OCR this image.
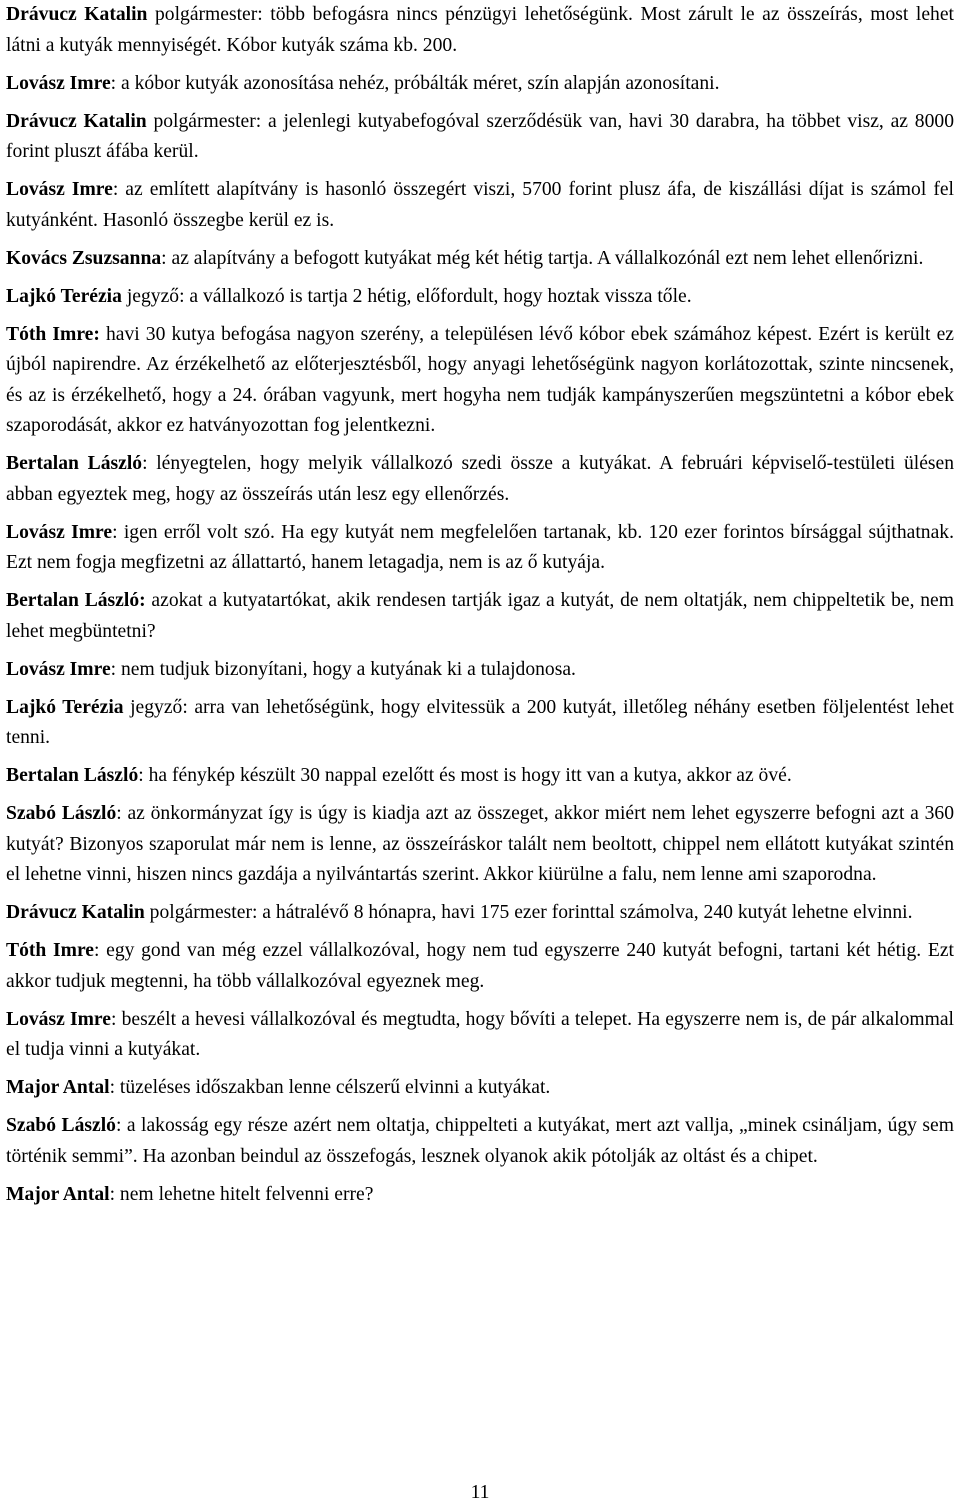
Drávucz Katalin polgármester: több befogásra nincs pénzügyi lehetőségünk. Most zárult le az összeírás, most lehet látni a kutyák mennyiségét. Kóbor kutyák száma kb. 200.

Lovász Imre: a kóbor kutyák azonosítása nehéz, próbálták méret, szín alapján azonosítani.

Drávucz Katalin polgármester: a jelenlegi kutyabefogóval szerződésük van, havi 30 darabra, ha többet visz, az 8000 forint pluszt áfába kerül.

Lovász Imre: az említett alapítvány is hasonló összegért viszi, 5700 forint plusz áfa, de kiszállási díjat is számol fel kutyánként. Hasonló összegbe kerül ez is.

Kovács Zsuzsanna: az alapítvány a befogott kutyákat még két hétig tartja. A vállalkozónál ezt nem lehet ellenőrizni.

Lajkó Terézia jegyző: a vállalkozó is tartja 2 hétig, előfordult, hogy hoztak vissza tőle.

Tóth Imre: havi 30 kutya befogása nagyon szerény, a településen lévő kóbor ebek számához képest. Ezért is került ez újból napirendre. Az érzékelhető az előterjesztésből, hogy anyagi lehetőségünk nagyon korlátozottak, szinte nincsenek, és az is érzékelhető, hogy a 24. órában vagyunk, mert hogyha nem tudják kampányszerűen megszüntetni a kóbor ebek szaporodását, akkor ez hatványozottan fog jelentkezni.

Bertalan László: lényegtelen, hogy melyik vállalkozó szedi össze a kutyákat. A februári képviselő-testületi ülésen abban egyeztek meg, hogy az összeírás után lesz egy ellenőrzés.

Lovász Imre: igen erről volt szó. Ha egy kutyát nem megfelelően tartanak, kb. 120 ezer forintos bírsággal sújthatnak. Ezt nem fogja megfizetni az állattartó, hanem letagadja, nem is az ő kutyája.

Bertalan László: azokat a kutyatartókat, akik rendesen tartják igaz a kutyát, de nem oltatják, nem chippeltetik be, nem lehet megbüntetni?

Lovász Imre: nem tudjuk bizonyítani, hogy a kutyának ki a tulajdonosa.

Lajkó Terézia jegyző: arra van lehetőségünk, hogy elvitessük a 200 kutyát, illetőleg néhány esetben följelentést lehet tenni.

Bertalan László: ha fénykép készült 30 nappal ezelőtt és most is hogy itt van a kutya, akkor az övé.

Szabó László: az önkormányzat így is úgy is kiadja azt az összeget, akkor miért nem lehet egyszerre befogni azt a 360 kutyát? Bizonyos szaporulat már nem is lenne, az összeíráskor talált nem beoltott, chippel nem ellátott kutyákat szintén el lehetne vinni, hiszen nincs gazdája a nyilvántartás szerint. Akkor kiürülne a falu, nem lenne ami szaporodna.

Drávucz Katalin polgármester: a hátralévő 8 hónapra, havi 175 ezer forinttal számolva, 240 kutyát lehetne elvinni.

Tóth Imre: egy gond van még ezzel vállalkozóval, hogy nem tud egyszerre 240 kutyát befogni, tartani két hétig. Ezt akkor tudjuk megtenni, ha több vállalkozóval egyeznek meg.

Lovász Imre: beszélt a hevesi vállalkozóval és megtudta, hogy bővíti a telepet. Ha egyszerre nem is, de pár alkalommal el tudja vinni a kutyákat.

Major Antal: tüzeléses időszakban lenne célszerű elvinni a kutyákat.

Szabó László: a lakosság egy része azért nem oltatja, chippelteti a kutyákat, mert azt vallja, „minek csináljam, úgy sem történik semmi”. Ha azonban beindul az összefogás, lesznek olyanok akik pótolják az oltást és a chipet.

Major Antal: nem lehetne hitelt felvenni erre?

11
